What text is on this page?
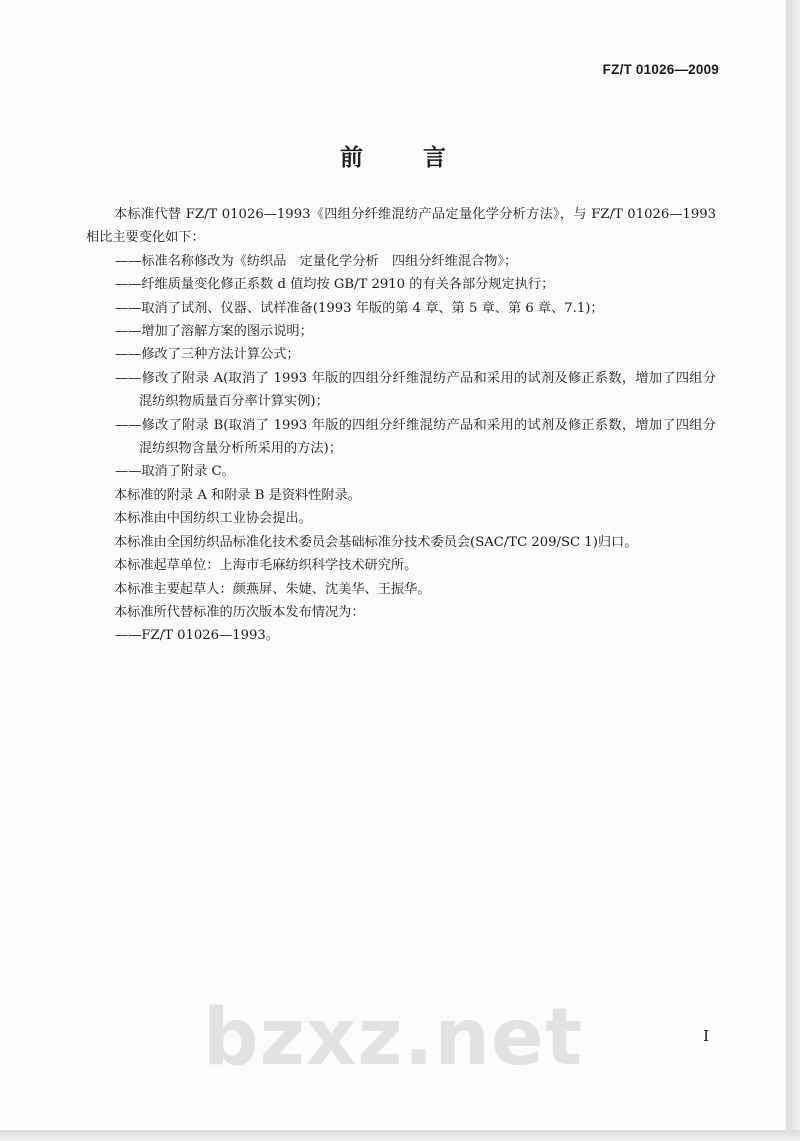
FZ/T 01026—2009
前 言

本标准代替 FZ/T 01026—1993《四组分纤维混纺产品定量化学分析方法》，与 FZ/T 01026—1993 相比主要变化如下：

——标准名称修改为《纺织品　定量化学分析　四组分纤维混合物》；

——纤维质量变化修正系数 d 值均按 GB/T 2910 的有关各部分规定执行；

——取消了试剂、仪器、试样准备(1993 年版的第 4 章、第 5 章、第 6 章、7.1)；

——增加了溶解方案的图示说明；

——修改了三种方法计算公式；

——修改了附录 A(取消了 1993 年版的四组分纤维混纺产品和采用的试剂及修正系数，增加了四组分混纺织物质量百分率计算实例)；

——修改了附录 B(取消了 1993 年版的四组分纤维混纺产品和采用的试剂及修正系数，增加了四组分混纺织物含量分析所采用的方法)；

——取消了附录 C。

本标准的附录 A 和附录 B 是资料性附录。

本标准由中国纺织工业协会提出。

本标准由全国纺织品标准化技术委员会基础标准分技术委员会(SAC/TC 209/SC 1)归口。

本标准起草单位：上海市毛麻纺织科学技术研究所。

本标准主要起草人：颜燕屏、朱婕、沈美华、王振华。

本标准所代替标准的历次版本发布情况为：

——FZ/T 01026—1993。

bzxz.net	I
